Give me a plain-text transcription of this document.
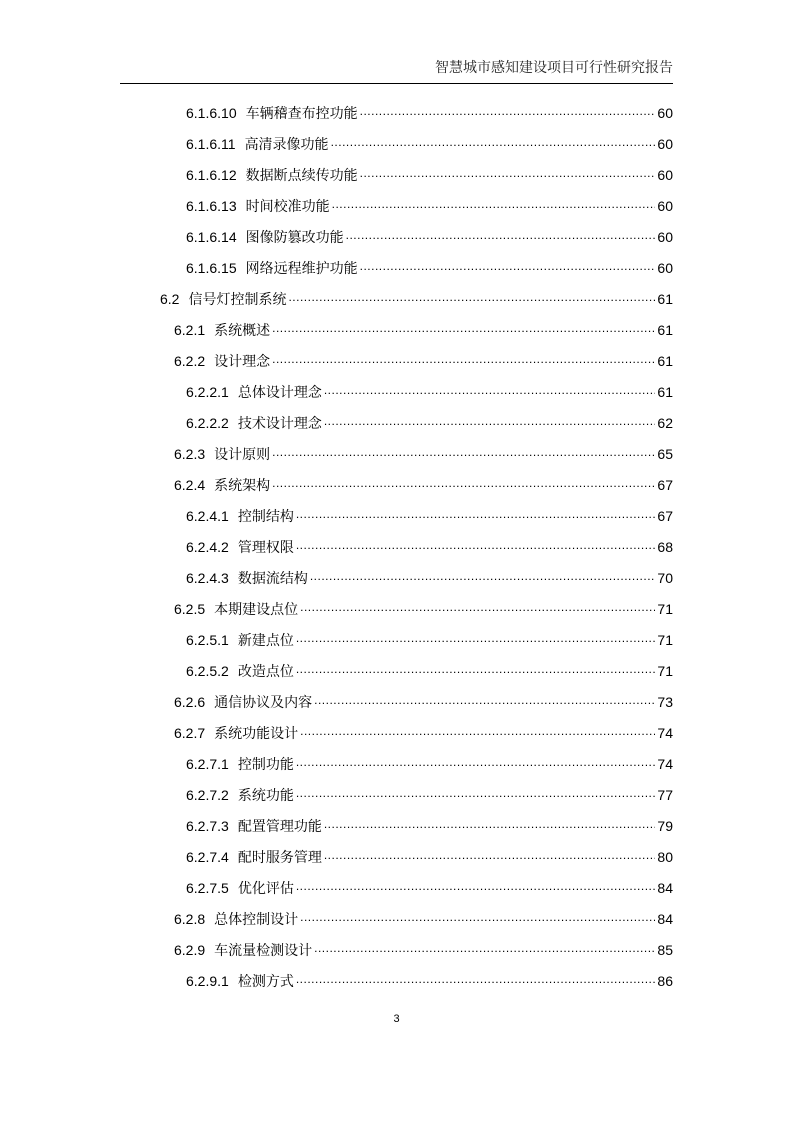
智慧城市感知建设项目可行性研究报告
6.1.6.10 车辆稽查布控功能 .....	60
6.1.6.11 高清录像功能 .....	60
6.1.6.12 数据断点续传功能 .....	60
6.1.6.13 时间校准功能 .....	60
6.1.6.14 图像防篡改功能 .....	60
6.1.6.15 网络远程维护功能 .....	60
6.2 信号灯控制系统 .....	61
6.2.1 系统概述 .....	61
6.2.2 设计理念 .....	61
6.2.2.1 总体设计理念 .....	61
6.2.2.2 技术设计理念 .....	62
6.2.3 设计原则 .....	65
6.2.4 系统架构 .....	67
6.2.4.1 控制结构 .....	67
6.2.4.2 管理权限 .....	68
6.2.4.3 数据流结构 .....	70
6.2.5 本期建设点位 .....	71
6.2.5.1 新建点位 .....	71
6.2.5.2 改造点位 .....	71
6.2.6 通信协议及内容 .....	73
6.2.7 系统功能设计 .....	74
6.2.7.1 控制功能 .....	74
6.2.7.2 系统功能 .....	77
6.2.7.3 配置管理功能 .....	79
6.2.7.4 配时服务管理 .....	80
6.2.7.5 优化评估 .....	84
6.2.8 总体控制设计 .....	84
6.2.9 车流量检测设计 .....	85
6.2.9.1 检测方式 .....	86
3
